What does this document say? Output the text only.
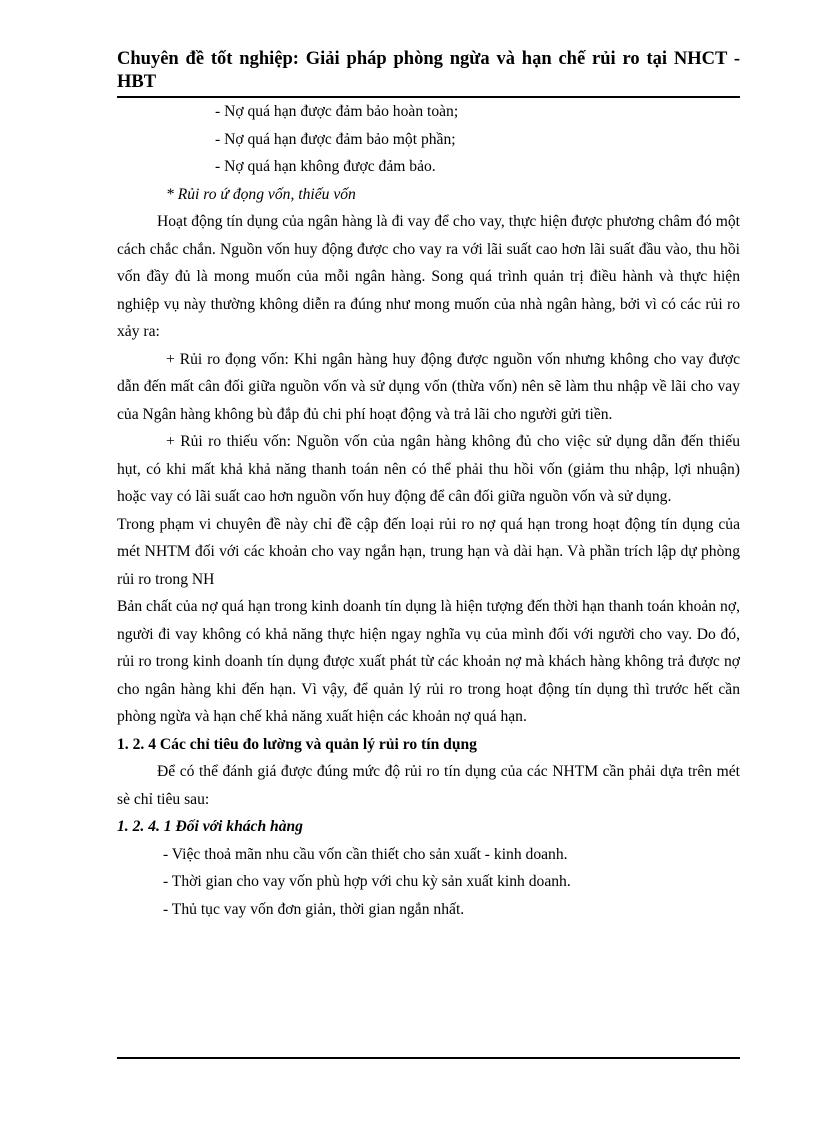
Chuyên đề tốt nghiệp: Giải pháp phòng ngừa và hạn chế rủi ro tại NHCT - HBT

- Nợ quá hạn được đảm bảo hoàn toàn;

- Nợ quá hạn được đảm bảo một phần;

- Nợ quá hạn không được đảm bảo.

* Rủi ro ứ đọng vốn, thiếu vốn

Hoạt động tín dụng của ngân hàng là đi vay để cho vay, thực hiện được phương châm đó một cách chắc chắn. Nguồn vốn huy động được cho vay ra với lãi suất cao hơn lãi suất đầu vào, thu hồi vốn đầy đủ là mong muốn của mỗi ngân hàng. Song quá trình quản trị điều hành và thực hiện nghiệp vụ này thường không diễn ra đúng như mong muốn của nhà ngân hàng, bởi vì có các rủi ro xảy ra:

+ Rủi ro đọng vốn: Khi ngân hàng huy động được nguồn vốn nhưng không cho vay được dẫn đến mất cân đối giữa nguồn vốn và sử dụng vốn (thừa vốn) nên sẽ làm thu nhập về lãi cho vay của Ngân hàng không bù đắp đủ chi phí hoạt động và trả lãi cho người gửi tiền.

+ Rủi ro thiếu vốn: Nguồn vốn của ngân hàng không đủ cho việc sử dụng dẫn đến thiếu hụt, có khi mất khả khả năng thanh toán nên có thể phải thu hồi vốn (giảm thu nhập, lợi nhuận) hoặc vay có lãi suất cao hơn nguồn vốn huy động để cân đối giữa nguồn vốn và sử dụng.

Trong phạm vi chuyên đề này chỉ đề cập đến loại rủi ro nợ quá hạn trong hoạt động tín dụng của mét NHTM đối với các khoản cho vay ngắn hạn, trung hạn và dài hạn. Và phần trích lập dự phòng rủi ro trong NH

Bản chất của nợ quá hạn trong kinh doanh tín dụng là hiện tượng đến thời hạn thanh toán khoản nợ, người đi vay không có khả năng thực hiện ngay nghĩa vụ của mình đối với người cho vay. Do đó, rủi ro trong kinh doanh tín dụng được xuất phát từ các khoản nợ mà khách hàng không trả được nợ cho ngân hàng khi đến hạn. Vì vậy, để quản lý rủi ro trong hoạt động tín dụng thì trước hết cần phòng ngừa và hạn chế khả năng xuất hiện các khoản nợ quá hạn.

1. 2. 4 Các chỉ tiêu đo lường và quản lý rủi ro tín dụng

Để có thể đánh giá được đúng mức độ rủi ro tín dụng của các NHTM cần phải dựa trên mét sè chỉ tiêu sau:

1. 2. 4. 1 Đối với khách hàng

- Việc thoả mãn nhu cầu vốn cần thiết cho sản xuất - kinh doanh.

- Thời gian cho vay vốn phù hợp với chu kỳ sản xuất kinh doanh.

- Thủ tục vay vốn đơn giản, thời gian ngắn nhất.
